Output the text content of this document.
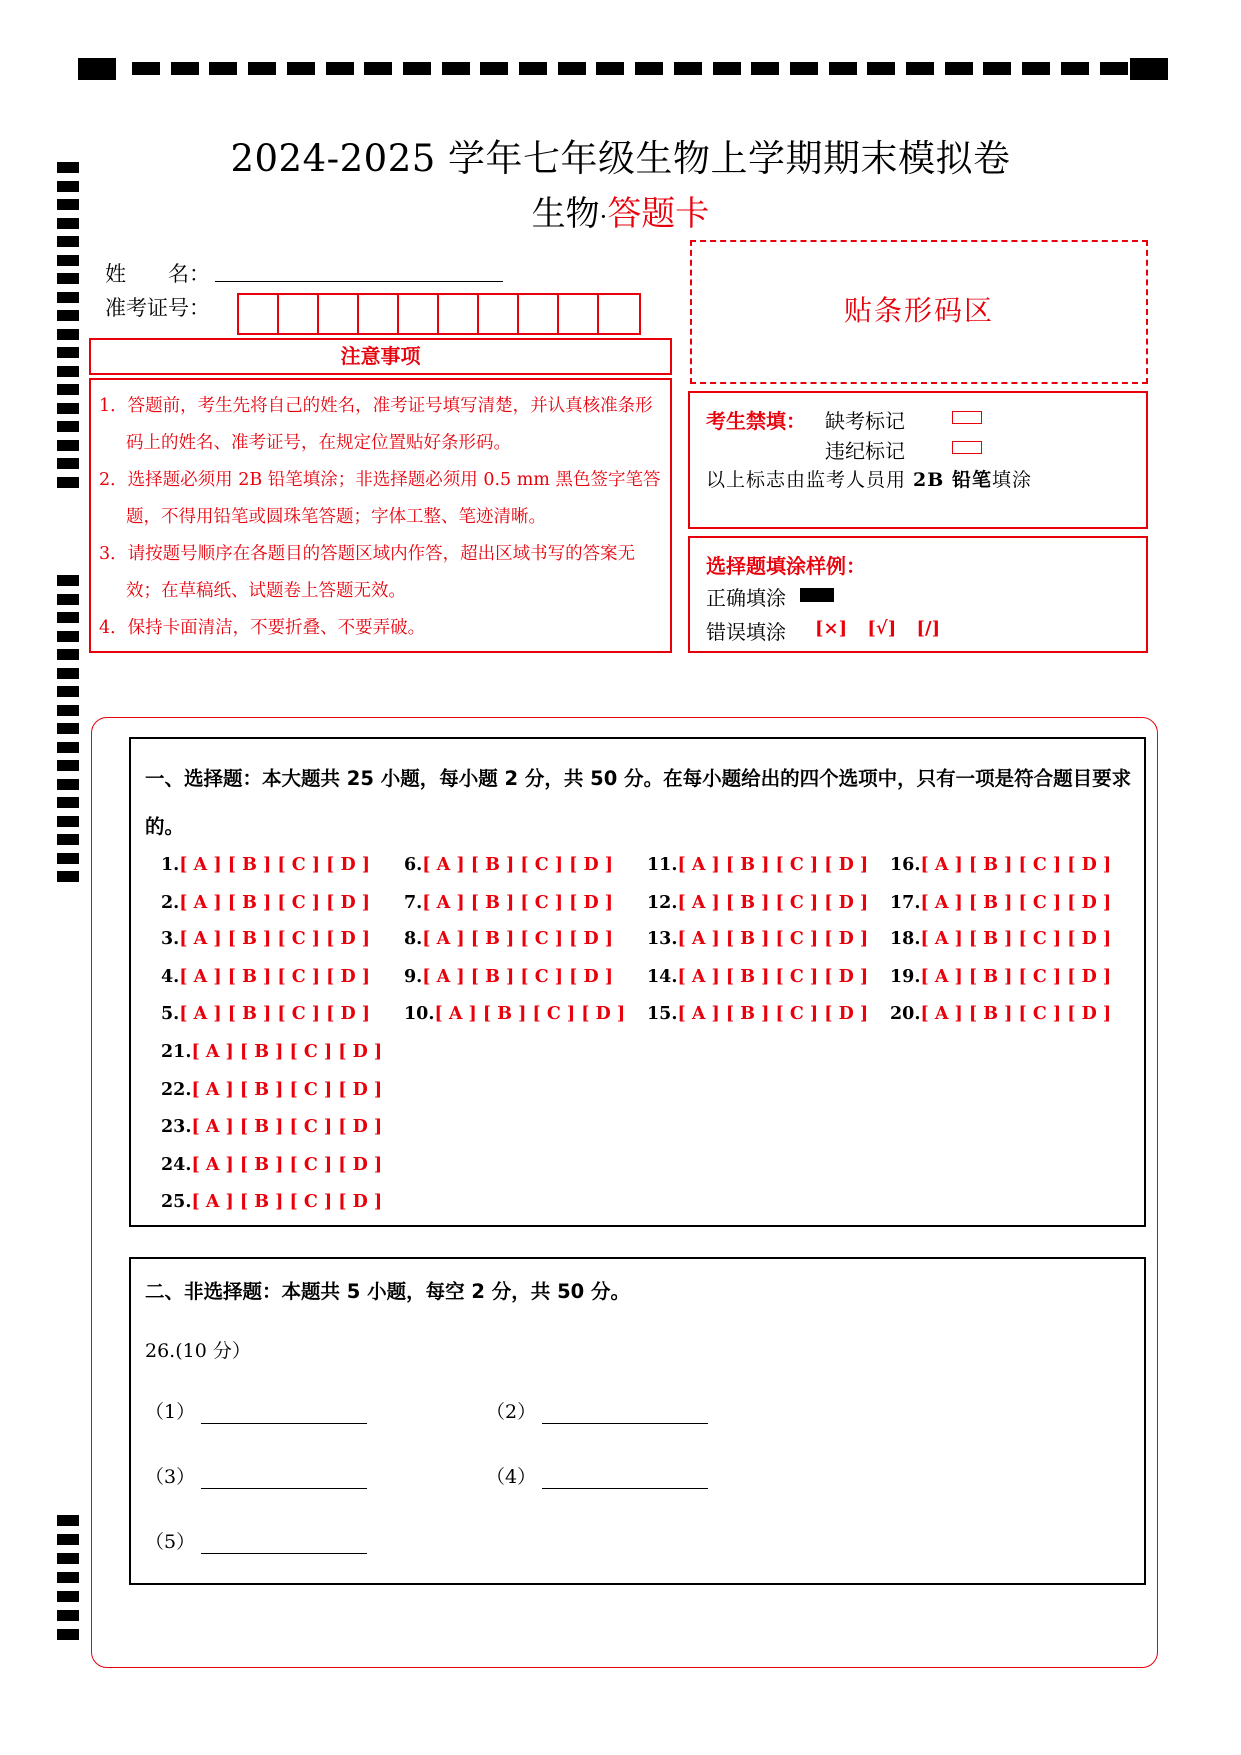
2024-2025 学年七年级生物上学期期末模拟卷
生物·答题卡
姓　　名：
准考证号：
注意事项
1．答题前，考生先将自己的姓名，准考证号填写清楚，并认真核准条形码上的姓名、准考证号，在规定位置贴好条形码。
2．选择题必须用 2B 铅笔填涂；非选择题必须用 0.5 mm 黑色签字笔答题，不得用铅笔或圆珠笔答题；字体工整、笔迹清晰。
3．请按题号顺序在各题目的答题区域内作答，超出区域书写的答案无效；在草稿纸、试题卷上答题无效。
4．保持卡面清洁，不要折叠、不要弄破。
贴条形码区
考生禁填： 缺考标记
违纪标记
以上标志由监考人员用 2B 铅笔填涂
选择题填涂样例：
正确填涂
错误填涂 [×] [√] [/]
一、选择题：本大题共 25 小题，每小题 2 分，共 50 分。在每小题给出的四个选项中，只有一项是符合题目要求的。
1.[ A ] [ B ] [ C ] [ D ]
2.[ A ] [ B ] [ C ] [ D ]
3.[ A ] [ B ] [ C ] [ D ]
4.[ A ] [ B ] [ C ] [ D ]
5.[ A ] [ B ] [ C ] [ D ]
6.[ A ] [ B ] [ C ] [ D ]
7.[ A ] [ B ] [ C ] [ D ]
8.[ A ] [ B ] [ C ] [ D ]
9.[ A ] [ B ] [ C ] [ D ]
10.[ A ] [ B ] [ C ] [ D ]
11.[ A ] [ B ] [ C ] [ D ]
12.[ A ] [ B ] [ C ] [ D ]
13.[ A ] [ B ] [ C ] [ D ]
14.[ A ] [ B ] [ C ] [ D ]
15.[ A ] [ B ] [ C ] [ D ]
16.[ A ] [ B ] [ C ] [ D ]
17.[ A ] [ B ] [ C ] [ D ]
18.[ A ] [ B ] [ C ] [ D ]
19.[ A ] [ B ] [ C ] [ D ]
20.[ A ] [ B ] [ C ] [ D ]
21.[ A ] [ B ] [ C ] [ D ]
22.[ A ] [ B ] [ C ] [ D ]
23.[ A ] [ B ] [ C ] [ D ]
24.[ A ] [ B ] [ C ] [ D ]
25.[ A ] [ B ] [ C ] [ D ]
二、非选择题：本题共 5 小题，每空 2 分，共 50 分。
26.(10 分）
（1）	（2）
（3）	（4）
（5）
